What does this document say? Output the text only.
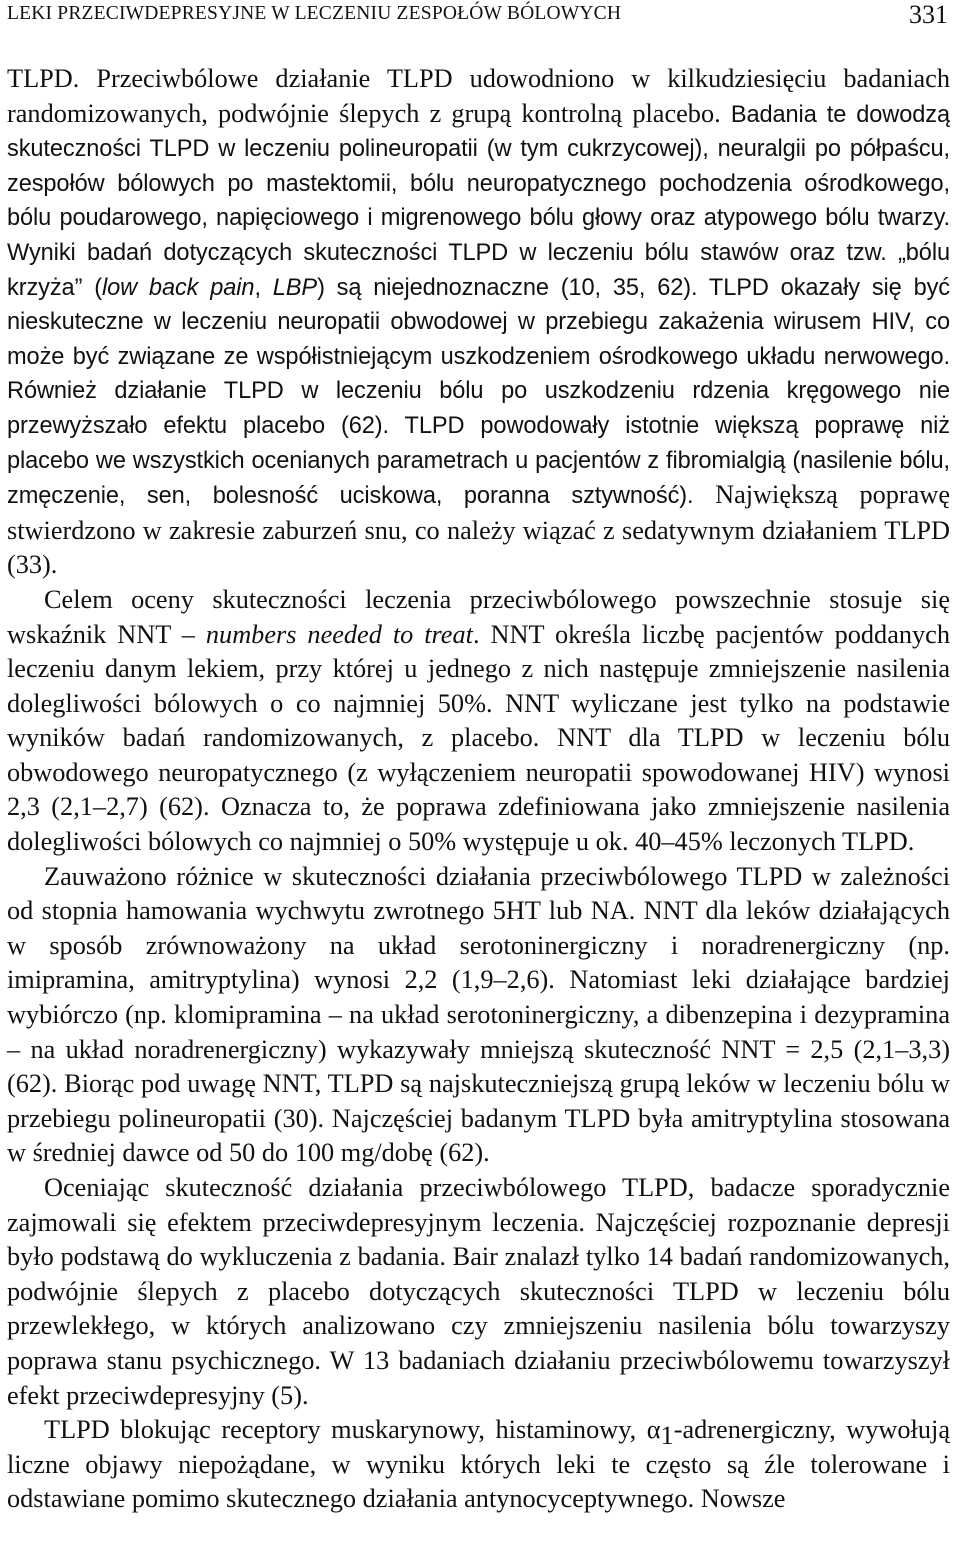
LEKI PRZECIWDEPRESYJNE W LECZENIU ZESPOŁÓW BÓLOWYCH	331

TLPD. Przeciwbólowe działanie TLPD udowodniono w kilkudziesięciu badaniach randomizowanych, podwójnie ślepych z grupą kontrolną placebo. Badania te dowodzą skuteczności TLPD w leczeniu polineuropatii (w tym cukrzycowej), neuralgii po półpaścu, zespołów bólowych po mastektomii, bólu neuropatycznego pochodzenia ośrodkowego, bólu poudarowego, napięciowego i migrenowego bólu głowy oraz atypowego bólu twarzy. Wyniki badań dotyczących skuteczności TLPD w leczeniu bólu stawów oraz tzw. „bólu krzyża” (low back pain, LBP) są niejednoznaczne (10, 35, 62). TLPD okazały się być nieskuteczne w leczeniu neuropatii obwodowej w przebiegu zakażenia wirusem HIV, co może być związane ze współistniejącym uszkodzeniem ośrodkowego układu nerwowego. Również działanie TLPD w leczeniu bólu po uszkodzeniu rdzenia kręgowego nie przewyższało efektu placebo (62). TLPD powodowały istotnie większą poprawę niż placebo we wszystkich ocenianych parametrach u pacjentów z fibromialgią (nasilenie bólu, zmęczenie, sen, bolesność uciskowa, poranna sztywność). Największą poprawę stwierdzono w zakresie zaburzeń snu, co należy wiązać z sedatywnym działaniem TLPD (33).

Celem oceny skuteczności leczenia przeciwbólowego powszechnie stosuje się wskaźnik NNT – numbers needed to treat. NNT określa liczbę pacjentów poddanych leczeniu danym lekiem, przy której u jednego z nich następuje zmniejszenie nasilenia dolegliwości bólowych o co najmniej 50%. NNT wyliczane jest tylko na podstawie wyników badań randomizowanych, z placebo. NNT dla TLPD w leczeniu bólu obwodowego neuropatycznego (z wyłączeniem neuropatii spowodowanej HIV) wynosi 2,3 (2,1–2,7) (62). Oznacza to, że poprawa zdefiniowana jako zmniejszenie nasilenia dolegliwości bólowych co najmniej o 50% występuje u ok. 40–45% leczonych TLPD.

Zauważono różnice w skuteczności działania przeciwbólowego TLPD w zależności od stopnia hamowania wychwytu zwrotnego 5HT lub NA. NNT dla leków działających w sposób zrównoważony na układ serotoninergiczny i noradrenergiczny (np. imipramina, amitryptylina) wynosi 2,2 (1,9–2,6). Natomiast leki działające bardziej wybiórczo (np. klomipramina – na układ serotoninergiczny, a dibenzepina i dezypramina – na układ noradrenergiczny) wykazywały mniejszą skuteczność NNT = 2,5 (2,1–3,3) (62). Biorąc pod uwagę NNT, TLPD są najskuteczniejszą grupą leków w leczeniu bólu w przebiegu polineuropatii (30). Najczęściej badanym TLPD była amitryptylina stosowana w średniej dawce od 50 do 100 mg/dobę (62).

Oceniając skuteczność działania przeciwbólowego TLPD, badacze sporadycznie zajmowali się efektem przeciwdepresyjnym leczenia. Najczęściej rozpoznanie depresji było podstawą do wykluczenia z badania. Bair znalazł tylko 14 badań randomizowanych, podwójnie ślepych z placebo dotyczących skuteczności TLPD w leczeniu bólu przewlekłego, w których analizowano czy zmniejszeniu nasilenia bólu towarzyszy poprawa stanu psychicznego. W 13 badaniach działaniu przeciwbólowemu towarzyszył efekt przeciwdepresyjny (5).

TLPD blokując receptory muskarynowy, histaminowy, $\alpha_1$-adrenergiczny, wywołują liczne objawy niepożądane, w wyniku których leki te często są źle tolerowane i odstawiane pomimo skutecznego działania antynocyceptywnego. Nowsze
